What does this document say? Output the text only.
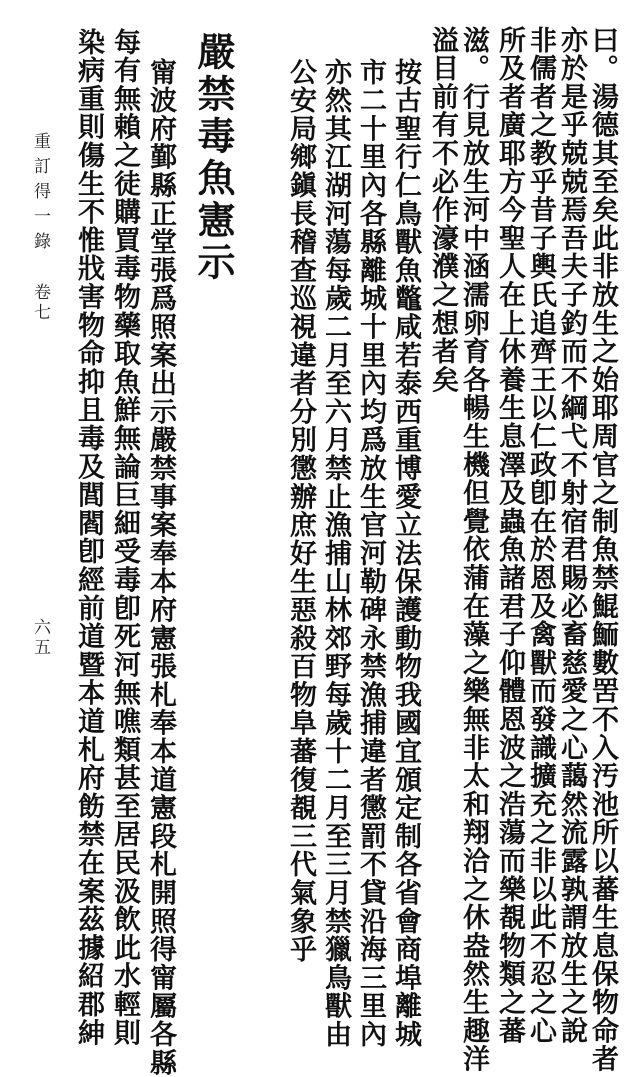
曰。湯德其至矣此非放生之始耶周官之制魚禁鯤鮞數罟不入汚池所以蕃生息保物命者
亦於是乎兢兢焉吾夫子釣而不綱弋不射宿君賜必畜慈愛之心藹然流露孰謂放生之說
非儒者之教乎昔子輿氏追齊王以仁政卽在於恩及禽獸而發識擴充之非以此不忍之心
所及者廣耶方今聖人在上休養生息澤及蟲魚諸君子仰體恩波之浩蕩而樂覩物類之蕃
滋。行見放生河中涵濡卵育各暢生機但覺依蒲在藻之樂無非太和翔洽之休盎然生趣洋
溢目前有不必作濠濮之想者矣
按古聖行仁鳥獸魚鼈咸若泰西重博愛立法保護動物我國宜頒定制各省會商埠離城
市二十里內各縣離城十里內均爲放生官河勒碑永禁漁捕違者懲罰不貸沿海三里內
亦然其江湖河蕩每歲二月至六月禁止漁捕山林郊野每歲十二月至三月禁獵鳥獸由
公安局鄉鎭長稽查巡視違者分別懲辦庶好生惡殺百物阜蕃復覩三代氣象乎
嚴禁毒魚憲示
甯波府鄞縣正堂張爲照案出示嚴禁事案奉本府憲張札奉本道憲段札開照得甯屬各縣
每有無賴之徒購買毒物藥取魚鮮無論巨細受毒卽死河無噍類甚至居民汲飲此水輕則
染病重則傷生不惟戕害物命抑且毒及閭閻卽經前道暨本道札府飭禁在案茲據紹郡紳
重訂得一錄卷七
六五
